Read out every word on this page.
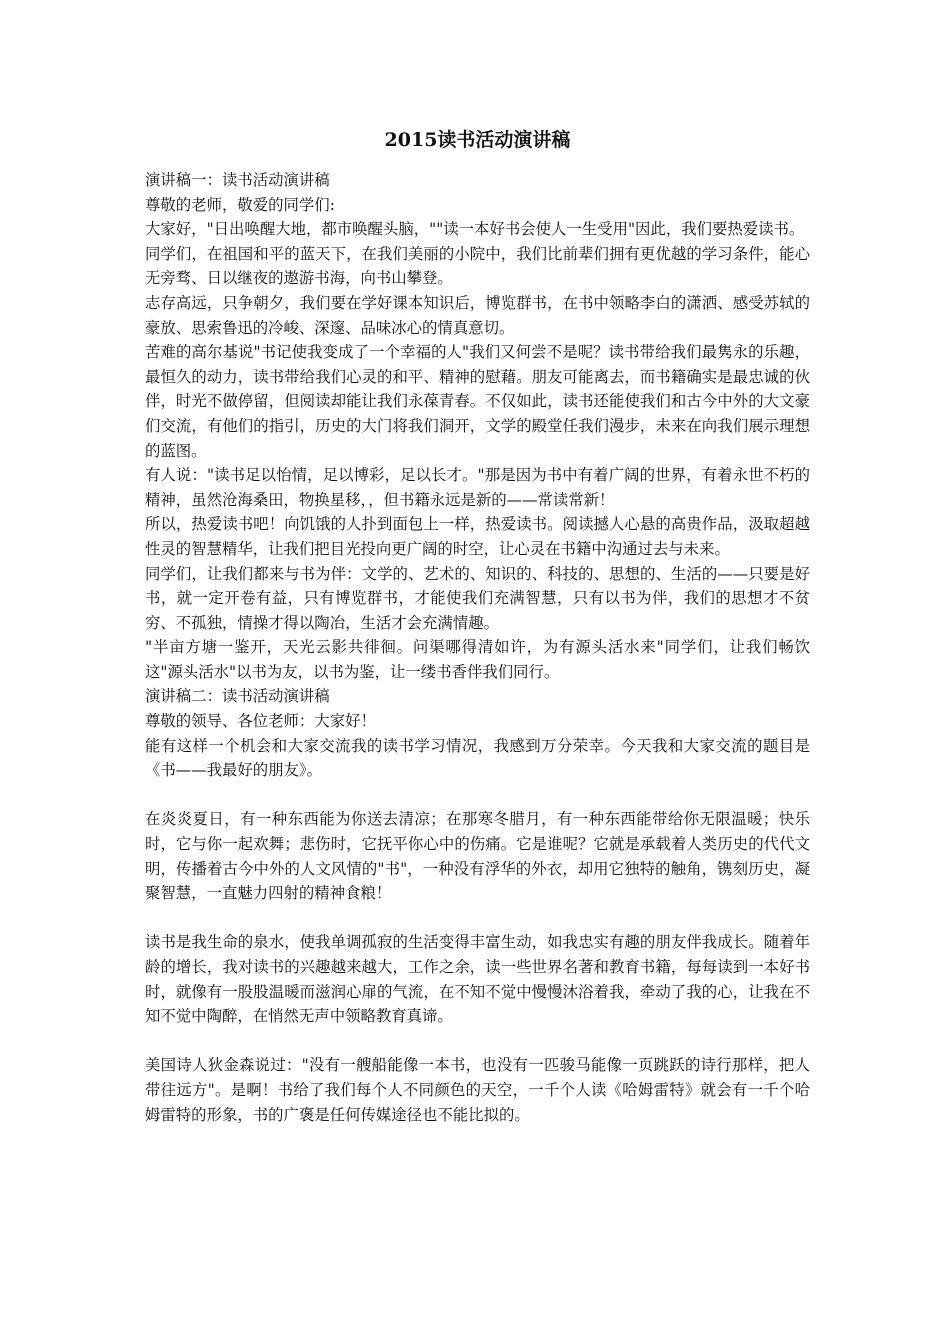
2015读书活动演讲稿

演讲稿一：读书活动演讲稿

尊敬的老师，敬爱的同学们:

大家好，"日出唤醒大地，都市唤醒头脑，""读一本好书会使人一生受用"因此，我们要热爱读书。

同学们，在祖国和平的蓝天下，在我们美丽的小院中，我们比前辈们拥有更优越的学习条件，能心无旁骛、日以继夜的遨游书海，向书山攀登。

志存高远，只争朝夕，我们要在学好课本知识后，博览群书，在书中领略李白的潇洒、感受苏轼的豪放、思索鲁迅的冷峻、深邃、品味冰心的情真意切。

苦难的高尔基说"书记使我变成了一个幸福的人"我们又何尝不是呢？读书带给我们最隽永的乐趣，最恒久的动力，读书带给我们心灵的和平、精神的慰藉。朋友可能离去，而书籍确实是最忠诚的伙伴，时光不做停留，但阅读却能让我们永葆青春。不仅如此，读书还能使我们和古今中外的大文豪们交流，有他们的指引，历史的大门将我们洞开，文学的殿堂任我们漫步，未来在向我们展示理想的蓝图。

有人说："读书足以怡情，足以博彩，足以长才。"那是因为书中有着广阔的世界，有着永世不朽的精神，虽然沧海桑田，物换星移，，但书籍永远是新的——常读常新！

所以，热爱读书吧！向饥饿的人扑到面包上一样，热爱读书。阅读撼人心悬的高贵作品，汲取超越性灵的智慧精华，让我们把目光投向更广阔的时空，让心灵在书籍中沟通过去与未来。

同学们，让我们都来与书为伴：文学的、艺术的、知识的、科技的、思想的、生活的——只要是好书，就一定开卷有益，只有博览群书，才能使我们充满智慧，只有以书为伴，我们的思想才不贫穷、不孤独，情操才得以陶冶，生活才会充满情趣。

"半亩方塘一鉴开，天光云影共徘徊。问渠哪得清如许，为有源头活水来"同学们，让我们畅饮这"源头活水"以书为友，以书为鉴，让一缕书香伴我们同行。

演讲稿二：读书活动演讲稿

尊敬的领导、各位老师：大家好！

能有这样一个机会和大家交流我的读书学习情况，我感到万分荣幸。今天我和大家交流的题目是《书——我最好的朋友》。

在炎炎夏日，有一种东西能为你送去清凉；在那寒冬腊月，有一种东西能带给你无限温暖；快乐时，它与你一起欢舞；悲伤时，它抚平你心中的伤痛。它是谁呢？它就是承载着人类历史的代代文明，传播着古今中外的人文风情的"书"，一种没有浮华的外衣，却用它独特的触角，镌刻历史，凝聚智慧，一直魅力四射的精神食粮！

读书是我生命的泉水，使我单调孤寂的生活变得丰富生动，如我忠实有趣的朋友伴我成长。随着年龄的增长，我对读书的兴趣越来越大，工作之余，读一些世界名著和教育书籍，每每读到一本好书时，就像有一股股温暖而滋润心扉的气流，在不知不觉中慢慢沐浴着我，牵动了我的心，让我在不知不觉中陶醉，在悄然无声中领略教育真谛。

美国诗人狄金森说过："没有一艘船能像一本书，也没有一匹骏马能像一页跳跃的诗行那样，把人带往远方"。是啊！书给了我们每个人不同颜色的天空，一千个人读《哈姆雷特》就会有一千个哈姆雷特的形象，书的广褒是任何传媒途径也不能比拟的。
